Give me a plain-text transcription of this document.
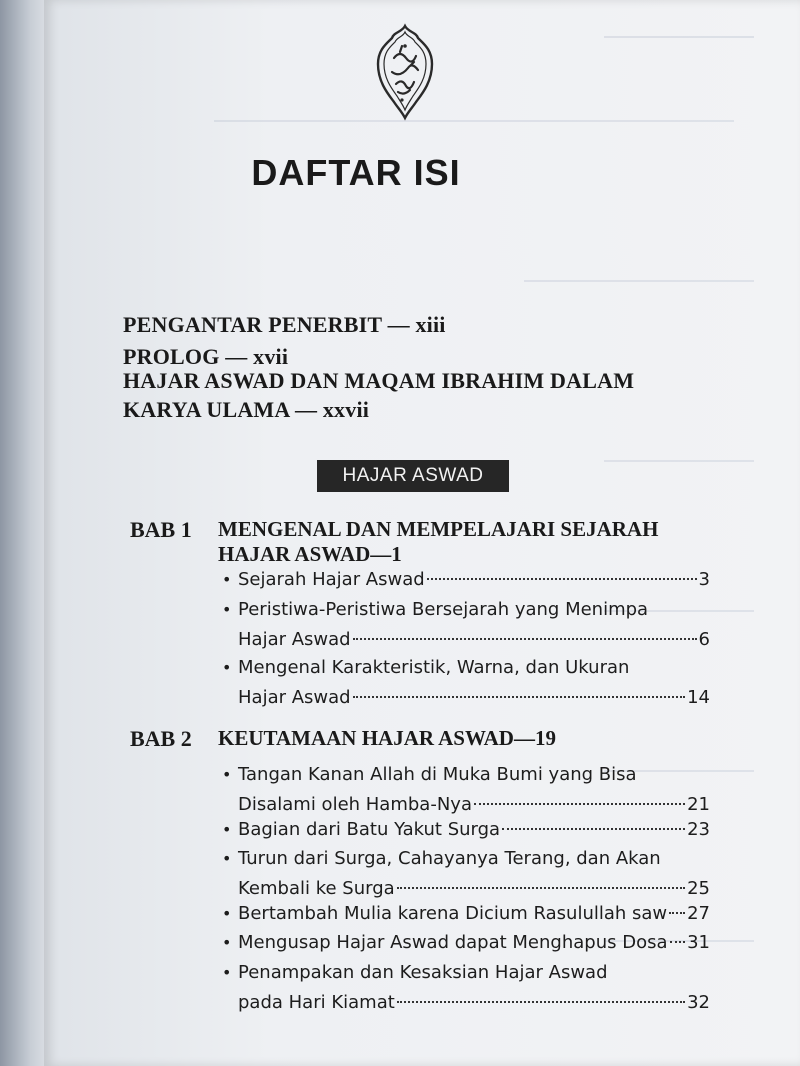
DAFTAR ISI
PENGANTAR PENERBIT — xiii
PROLOG — xvii
HAJAR ASWAD DAN MAQAM IBRAHIM DALAM
KARYA ULAMA — xxvii
HAJAR ASWAD
BAB 1 MENGENAL DAN MEMPELAJARI SEJARAH
HAJAR ASWAD—1
• Sejarah Hajar Aswad	3
• Peristiwa-Peristiwa Bersejarah yang Menimpa
Hajar Aswad	6
• Mengenal Karakteristik, Warna, dan Ukuran
Hajar Aswad	14
BAB 2 KEUTAMAAN HAJAR ASWAD—19
• Tangan Kanan Allah di Muka Bumi yang Bisa
Disalami oleh Hamba-Nya	21
• Bagian dari Batu Yakut Surga	23
• Turun dari Surga, Cahayanya Terang, dan Akan
Kembali ke Surga	25
• Bertambah Mulia karena Dicium Rasulullah saw 27
• Mengusap Hajar Aswad dapat Menghapus Dosa 31
• Penampakan dan Kesaksian Hajar Aswad
pada Hari Kiamat	32
